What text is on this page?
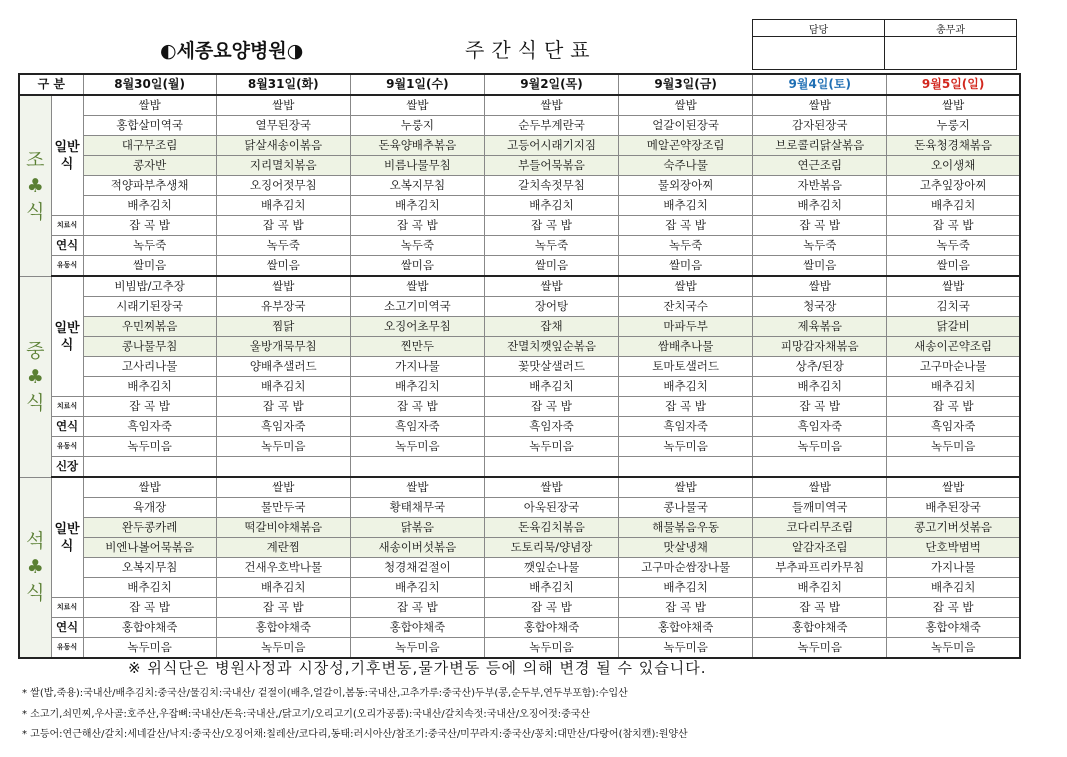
◐세종요양병원◑	주간식단표
담당	총무과

구 분		8월30일(월)	8월31일(화)	9월1일(수)	9월2일(목)	9월3일(금)	9월4일(토)	9월5일(일)
조♣식	일반식	쌀밥	쌀밥	쌀밥	쌀밥	쌀밥	쌀밥	쌀밥
		홍합살미역국	열무된장국	누룽지	순두부계란국	얼갈이된장국	감자된장국	누룽지
		대구무조림	닭살새송이볶음	돈육양배추볶음	고등어시래기지짐	메알곤약장조림	브로콜리닭살볶음	돈육청경채볶음
		콩자반	지리멸치볶음	비름나물무침	부들어묵볶음	숙주나물	연근조림	오이생채
		적양파부추생채	오징어젓무침	오복지무침	갈치속젓무침	물외장아찌	자반볶음	고추잎장아찌
		배추김치	배추김치	배추김치	배추김치	배추김치	배추김치	배추김치
	치료식	잡 곡 밥	잡 곡 밥	잡 곡 밥	잡 곡 밥	잡 곡 밥	잡 곡 밥	잡 곡 밥
	연식	녹두죽	녹두죽	녹두죽	녹두죽	녹두죽	녹두죽	녹두죽
	유동식	쌀미음	쌀미음	쌀미음	쌀미음	쌀미음	쌀미음	쌀미음
중♣식	일반식	비빔밥/고추장	쌀밥	쌀밥	쌀밥	쌀밥	쌀밥	쌀밥
		시래기된장국	유부장국	소고기미역국	장어탕	잔치국수	청국장	김치국
		우민찌볶음	찜닭	오징어초무침	잡채	마파두부	제육볶음	닭갈비
		콩나물무침	울방개묵무침	찐만두	잔멸치깻잎순볶음	쌈배추나물	피망감자채볶음	새송이곤약조림
		고사리나물	양배추샐러드	가지나물	꽃맛살샐러드	토마토샐러드	상추/된장	고구마순나물
		배추김치	배추김치	배추김치	배추김치	배추김치	배추김치	배추김치
	치료식	잡 곡 밥	잡 곡 밥	잡 곡 밥	잡 곡 밥	잡 곡 밥	잡 곡 밥	잡 곡 밥
	연식	흑임자죽	흑임자죽	흑임자죽	흑임자죽	흑임자죽	흑임자죽	흑임자죽
	유동식	녹두미음	녹두미음	녹두미음	녹두미음	녹두미음	녹두미음	녹두미음
	신장							
석♣식	일반식	쌀밥	쌀밥	쌀밥	쌀밥	쌀밥	쌀밥	쌀밥
		육개장	물만두국	황태채무국	아욱된장국	콩나물국	들깨미역국	배추된장국
		완두콩카레	떡갈비야채볶음	닭볶음	돈육김치볶음	해물볶음우동	코다리무조림	콩고기버섯볶음
		비엔나볼어묵볶음	계란찜	새송이버섯볶음	도토리묵/양념장	맛살냉채	알감자조림	단호박범벅
		오복지무침	건새우호박나물	청경채겉절이	깻잎순나물	고구마순쌈장나물	부추파프리카무침	가지나물
		배추김치	배추김치	배추김치	배추김치	배추김치	배추김치	배추김치
	치료식	잡 곡 밥	잡 곡 밥	잡 곡 밥	잡 곡 밥	잡 곡 밥	잡 곡 밥	잡 곡 밥
	연식	홍합야채죽	홍합야채죽	홍합야채죽	홍합야채죽	홍합야채죽	홍합야채죽	홍합야채죽
	유동식	녹두미음	녹두미음	녹두미음	녹두미음	녹두미음	녹두미음	녹두미음
※ 위식단은 병원사정과 시장성,기후변동,물가변동 등에 의해 변경 될 수 있습니다.
* 쌀(밥,죽용):국내산/배추김치:중국산/물김치:국내산/ 겉절이(배추,얼갈이,봄동:국내산,고추가루:중국산)두부(콩,순두부,연두부포함):수입산
* 소고기,쇠민찌,우사골:호주산,우잡뼈:국내산/돈육:국내산,/닭고기/오리고기(오리가공품):국내산/갈치속젓:국내산/오징어젓:중국산
* 고등어:연근해산/갈치:세네갈산/낙지:중국산/오징어채:칠레산/코다리,동태:러시아산/참조기:중국산/미꾸라지:중국산/꽁치:대만산/다랑어(참치캔):원양산
